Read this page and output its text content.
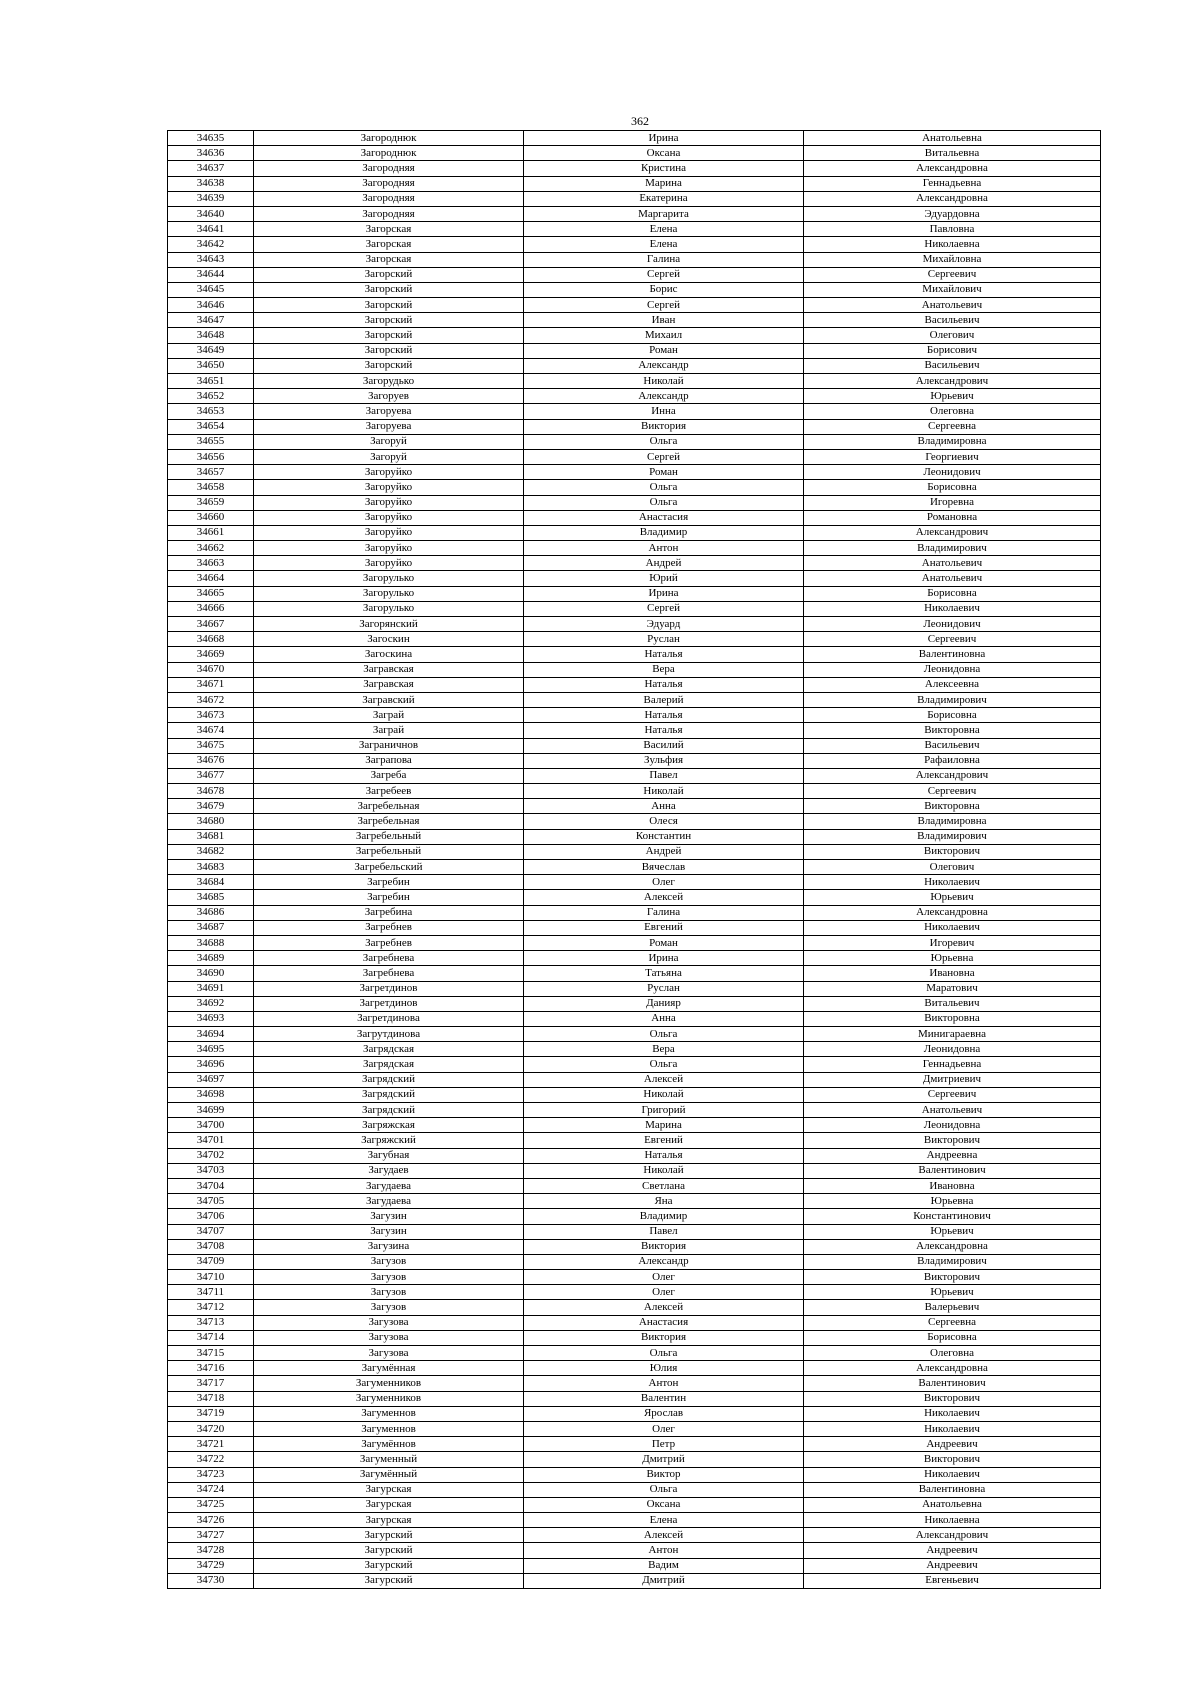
362
34635	Загороднюк	Ирина	Анатольевна
34636	Загороднюк	Оксана	Витальевна
34637	Загородняя	Кристина	Александровна
34638	Загородняя	Марина	Геннадьевна
34639	Загородняя	Екатерина	Александровна
34640	Загородняя	Маргарита	Эдуардовна
34641	Загорская	Елена	Павловна
34642	Загорская	Елена	Николаевна
34643	Загорская	Галина	Михайловна
34644	Загорский	Сергей	Сергеевич
34645	Загорский	Борис	Михайлович
34646	Загорский	Сергей	Анатольевич
34647	Загорский	Иван	Васильевич
34648	Загорский	Михаил	Олегович
34649	Загорский	Роман	Борисович
34650	Загорский	Александр	Васильевич
34651	Загорудько	Николай	Александрович
34652	Загоруев	Александр	Юрьевич
34653	Загоруева	Инна	Олеговна
34654	Загоруева	Виктория	Сергеевна
34655	Загоруй	Ольга	Владимировна
34656	Загоруй	Сергей	Георгиевич
34657	Загоруйко	Роман	Леонидович
34658	Загоруйко	Ольга	Борисовна
34659	Загоруйко	Ольга	Игоревна
34660	Загоруйко	Анастасия	Романовна
34661	Загоруйко	Владимир	Александрович
34662	Загоруйко	Антон	Владимирович
34663	Загоруйко	Андрей	Анатольевич
34664	Загорулько	Юрий	Анатольевич
34665	Загорулько	Ирина	Борисовна
34666	Загорулько	Сергей	Николаевич
34667	Загорянский	Эдуард	Леонидович
34668	Загоскин	Руслан	Сергеевич
34669	Загоскина	Наталья	Валентиновна
34670	Загравская	Вера	Леонидовна
34671	Загравская	Наталья	Алексеевна
34672	Загравский	Валерий	Владимирович
34673	Заграй	Наталья	Борисовна
34674	Заграй	Наталья	Викторовна
34675	Заграничнов	Василий	Васильевич
34676	Загрaпова	Зульфия	Рафаиловна
34677	Загреба	Павел	Александрович
34678	Загребеев	Николай	Сергеевич
34679	Загребельная	Анна	Викторовна
34680	Загребельная	Олеся	Владимировна
34681	Загребельный	Константин	Владимирович
34682	Загребельный	Андрей	Викторович
34683	Загребельский	Вячеслав	Олегович
34684	Загребин	Олег	Николаевич
34685	Загребин	Алексей	Юрьевич
34686	Загребина	Галина	Александровна
34687	Загребнев	Евгений	Николаевич
34688	Загребнев	Роман	Игоревич
34689	Загребнева	Ирина	Юрьевна
34690	Загребнева	Татьяна	Ивановна
34691	Загретдинов	Руслан	Маратович
34692	Загретдинов	Данияр	Витальевич
34693	Загретдинова	Анна	Викторовна
34694	Загрутдинова	Ольга	Минигараевна
34695	Загрядская	Вера	Леонидовна
34696	Загрядская	Ольга	Геннадьевна
34697	Загрядский	Алексей	Дмитриевич
34698	Загрядский	Николай	Сергеевич
34699	Загрядский	Григорий	Анатольевич
34700	Загряжская	Марина	Леонидовна
34701	Загряжский	Евгений	Викторович
34702	Загубная	Наталья	Андреевна
34703	Загудаев	Николай	Валентинович
34704	Загудаева	Светлана	Ивановна
34705	Загудаева	Яна	Юрьевна
34706	Загузин	Владимир	Константинович
34707	Загузин	Павел	Юрьевич
34708	Загузина	Виктория	Александровна
34709	Загузов	Александр	Владимирович
34710	Загузов	Олег	Викторович
34711	Загузов	Олег	Юрьевич
34712	Загузов	Алексей	Валерьевич
34713	Загузова	Анастасия	Сергеевна
34714	Загузова	Виктория	Борисовна
34715	Загузова	Ольга	Олеговна
34716	Загумённая	Юлия	Александровна
34717	Загуменников	Антон	Валентинович
34718	Загуменников	Валентин	Викторович
34719	Загуменнов	Ярослав	Николаевич
34720	Загуменнов	Олег	Николаевич
34721	Загумённов	Петр	Андреевич
34722	Загуменный	Дмитрий	Викторович
34723	Загумённый	Виктор	Николаевич
34724	Загурская	Ольга	Валентиновна
34725	Загурская	Оксана	Анатольевна
34726	Загурская	Елена	Николаевна
34727	Загурский	Алексей	Александрович
34728	Загурский	Антон	Андреевич
34729	Загурский	Вадим	Андреевич
34730	Загурский	Дмитрий	Евгеньевич
